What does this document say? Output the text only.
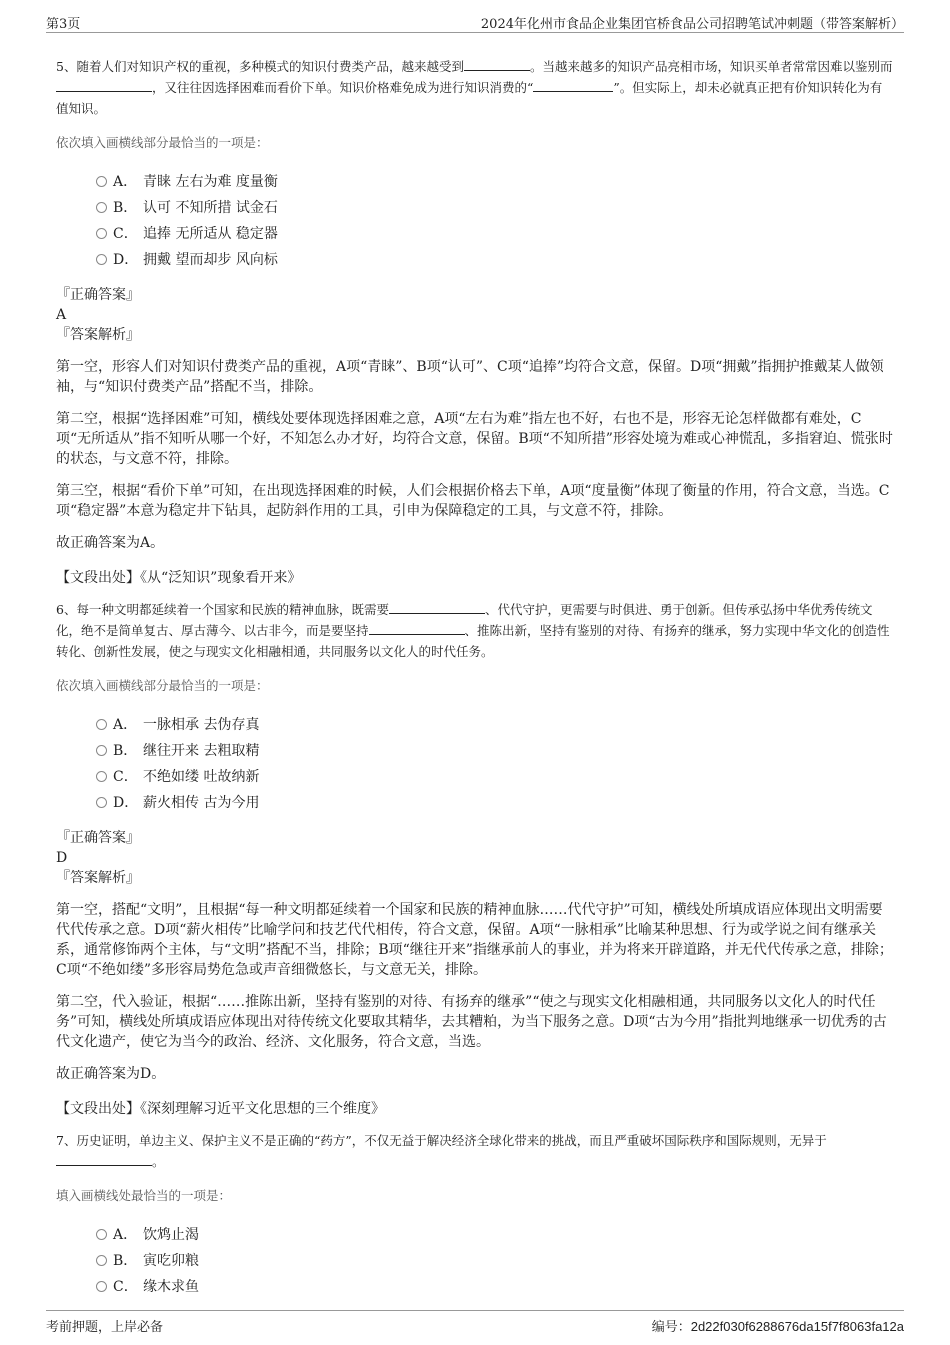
第3页	2024年化州市食品企业集团官桥食品公司招聘笔试冲刺题（带答案解析）

5、随着人们对知识产权的重视，多种模式的知识付费类产品，越来越受到	。当越来越多的知识产品亮相市场，知识买单者常常因难以鉴别而，又往往因选择困难而看价下单。知识价格难免成为进行知识消费的“	”。但实际上，却未必就真正把有价知识转化为有值知识。

依次填入画横线部分最恰当的一项是：
A． 青睐 左右为难 度量衡
B． 认可 不知所措 试金石
C． 追捧 无所适从 稳定器
D． 拥戴 望而却步 风向标

『正确答案』

A

『答案解析』

第一空，形容人们对知识付费类产品的重视，A项“青睐”、B项“认可”、C项“追捧”均符合文意，保留。D项“拥戴”指拥护推戴某人做领袖，与“知识付费类产品”搭配不当，排除。

第二空，根据“选择困难”可知，横线处要体现选择困难之意，A项“左右为难”指左也不好，右也不是，形容无论怎样做都有难处，C项“无所适从”指不知听从哪一个好，不知怎么办才好，均符合文意，保留。B项“不知所措”形容处境为难或心神慌乱，多指窘迫、慌张时的状态，与文意不符，排除。

第三空，根据“看价下单”可知，在出现选择困难的时候，人们会根据价格去下单，A项“度量衡”体现了衡量的作用，符合文意，当选。C项“稳定器”本意为稳定井下钻具，起防斜作用的工具，引申为保障稳定的工具，与文意不符，排除。

故正确答案为A。

【文段出处】《从“泛知识”现象看开来》

6、每一种文明都延续着一个国家和民族的精神血脉，既需要	、代代守护，更需要与时俱进、勇于创新。但传承弘扬中华优秀传统文化，绝不是简单复古、厚古薄今、以古非今，而是要坚持	、推陈出新，坚持有鉴别的对待、有扬弃的继承，努力实现中华文化的创造性转化、创新性发展，使之与现实文化相融相通，共同服务以文化人的时代任务。

依次填入画横线部分最恰当的一项是：
A． 一脉相承 去伪存真
B． 继往开来 去粗取精
C． 不绝如缕 吐故纳新
D． 薪火相传 古为今用

『正确答案』

D

『答案解析』

第一空，搭配“文明”，且根据“每一种文明都延续着一个国家和民族的精神血脉……代代守护”可知，横线处所填成语应体现出文明需要代代传承之意。D项“薪火相传”比喻学问和技艺代代相传，符合文意，保留。A项“一脉相承”比喻某种思想、行为或学说之间有继承关系，通常修饰两个主体，与“文明”搭配不当，排除；B项“继往开来”指继承前人的事业，并为将来开辟道路，并无代代传承之意，排除；C项“不绝如缕”多形容局势危急或声音细微悠长，与文意无关，排除。

第二空，代入验证，根据“……推陈出新，坚持有鉴别的对待、有扬弃的继承”“使之与现实文化相融相通，共同服务以文化人的时代任务”可知，横线处所填成语应体现出对待传统文化要取其精华，去其糟粕，为当下服务之意。D项“古为今用”指批判地继承一切优秀的古代文化遗产，使它为当今的政治、经济、文化服务，符合文意，当选。

故正确答案为D。

【文段出处】《深刻理解习近平文化思想的三个维度》

7、历史证明，单边主义、保护主义不是正确的“药方”，不仅无益于解决经济全球化带来的挑战，而且严重破坏国际秩序和国际规则，无异于。

填入画横线处最恰当的一项是：
A． 饮鸩止渴
B． 寅吃卯粮
C． 缘木求鱼
考前押题，上岸必备	编号：2d22f030f6288676da15f7f8063fa12a
